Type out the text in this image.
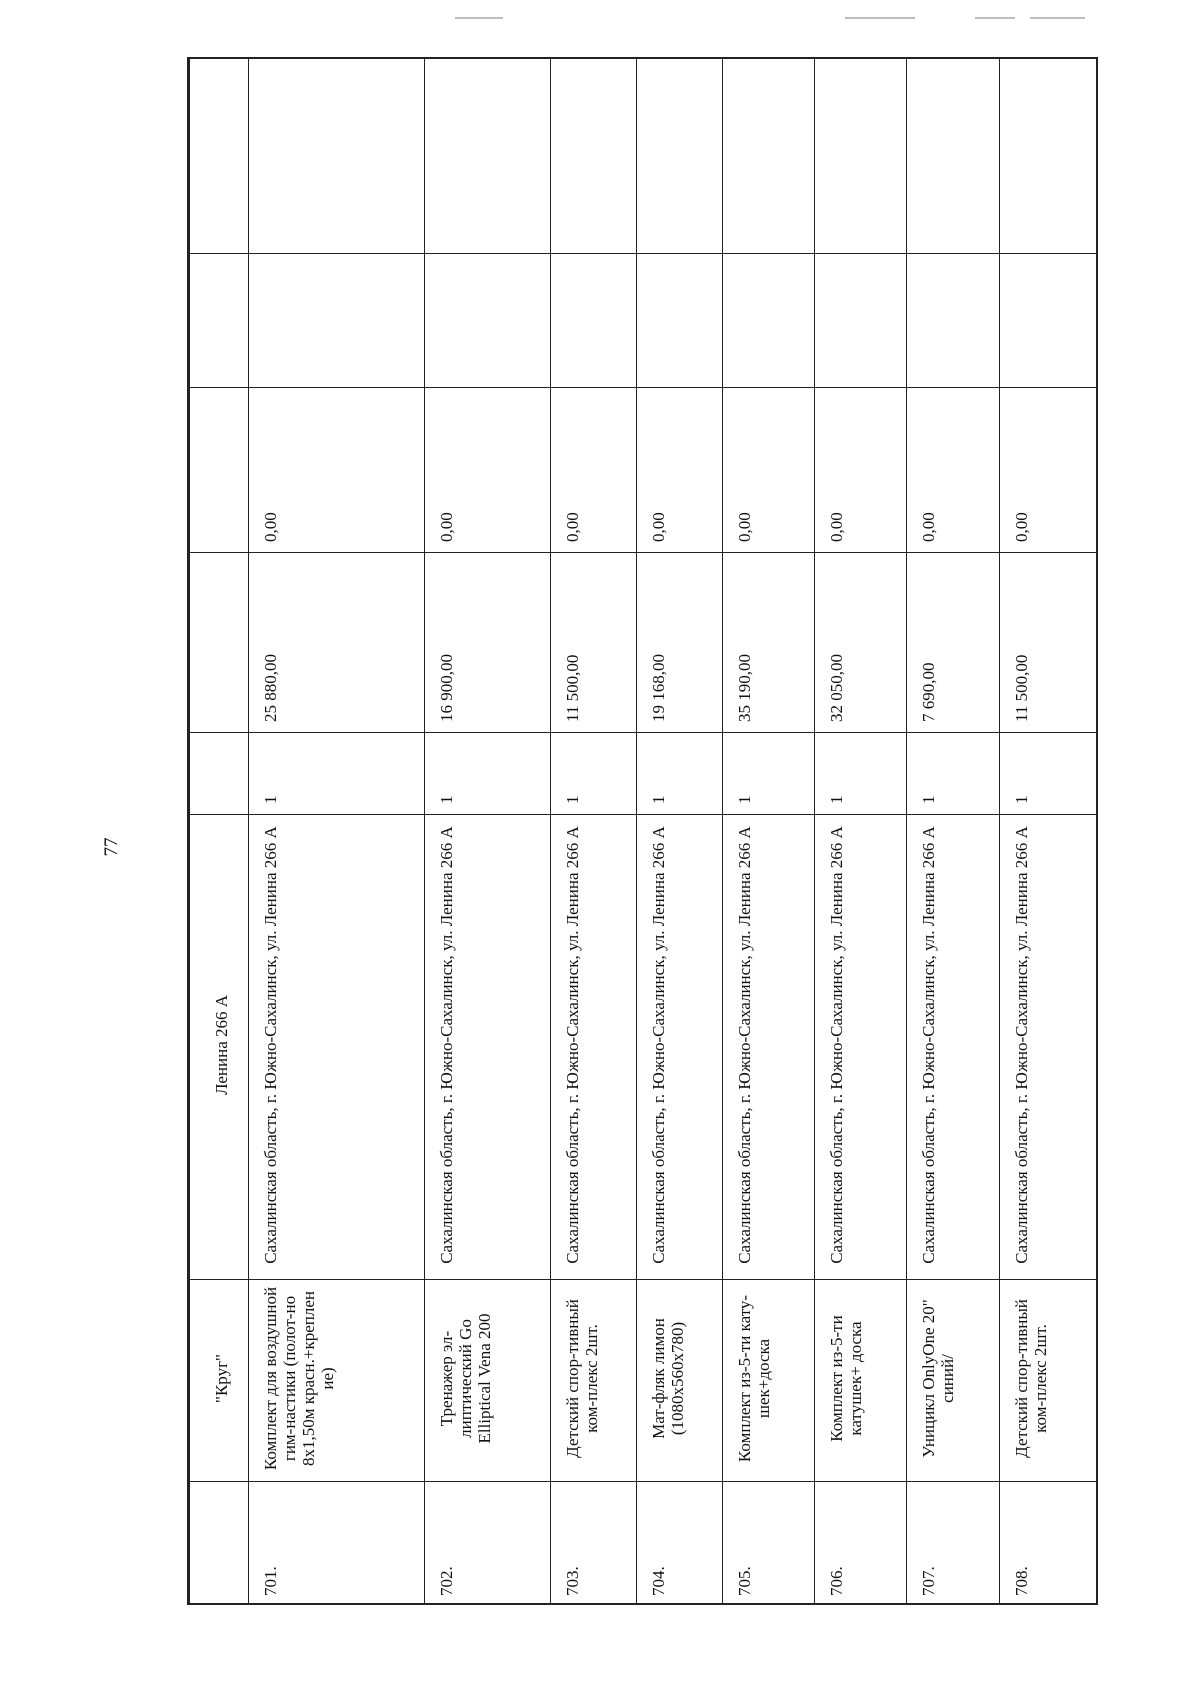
77
	"Круг"	Ленина 266 А					
701.	Комплект для воздушной гим-настики (полот-но 8х1,50м красн.+креплен ие)	Сахалинская область, г. Южно-Сахалинск, ул. Ленина 266 А	1	25 880,00	0,00		
702.	Тренажер эл-липтический Go Elliptical Vena 200	Сахалинская область, г. Южно-Сахалинск, ул. Ленина 266 А	1	16 900,00	0,00		
703.	Детский спор-тивный ком-плекс 2шт.	Сахалинская область, г. Южно-Сахалинск, ул. Ленина 266 А	1	11 500,00	0,00		
704.	Мат-фляк лимон (1080х560х780)	Сахалинская область, г. Южно-Сахалинск, ул. Ленина 266 А	1	19 168,00	0,00		
705.	Комплект из-5-ти кату-шек+доска	Сахалинская область, г. Южно-Сахалинск, ул. Ленина 266 А	1	35 190,00	0,00		
706.	Комплект из-5-ти катушек+ доска	Сахалинская область, г. Южно-Сахалинск, ул. Ленина 266 А	1	32 050,00	0,00		
707.	Уницикл OnlyOne 20" синий/	Сахалинская область, г. Южно-Сахалинск, ул. Ленина 266 А	1	7 690,00	0,00		
708.	Детский спор-тивный ком-плекс 2шт.	Сахалинская область, г. Южно-Сахалинск, ул. Ленина 266 А	1	11 500,00	0,00		
